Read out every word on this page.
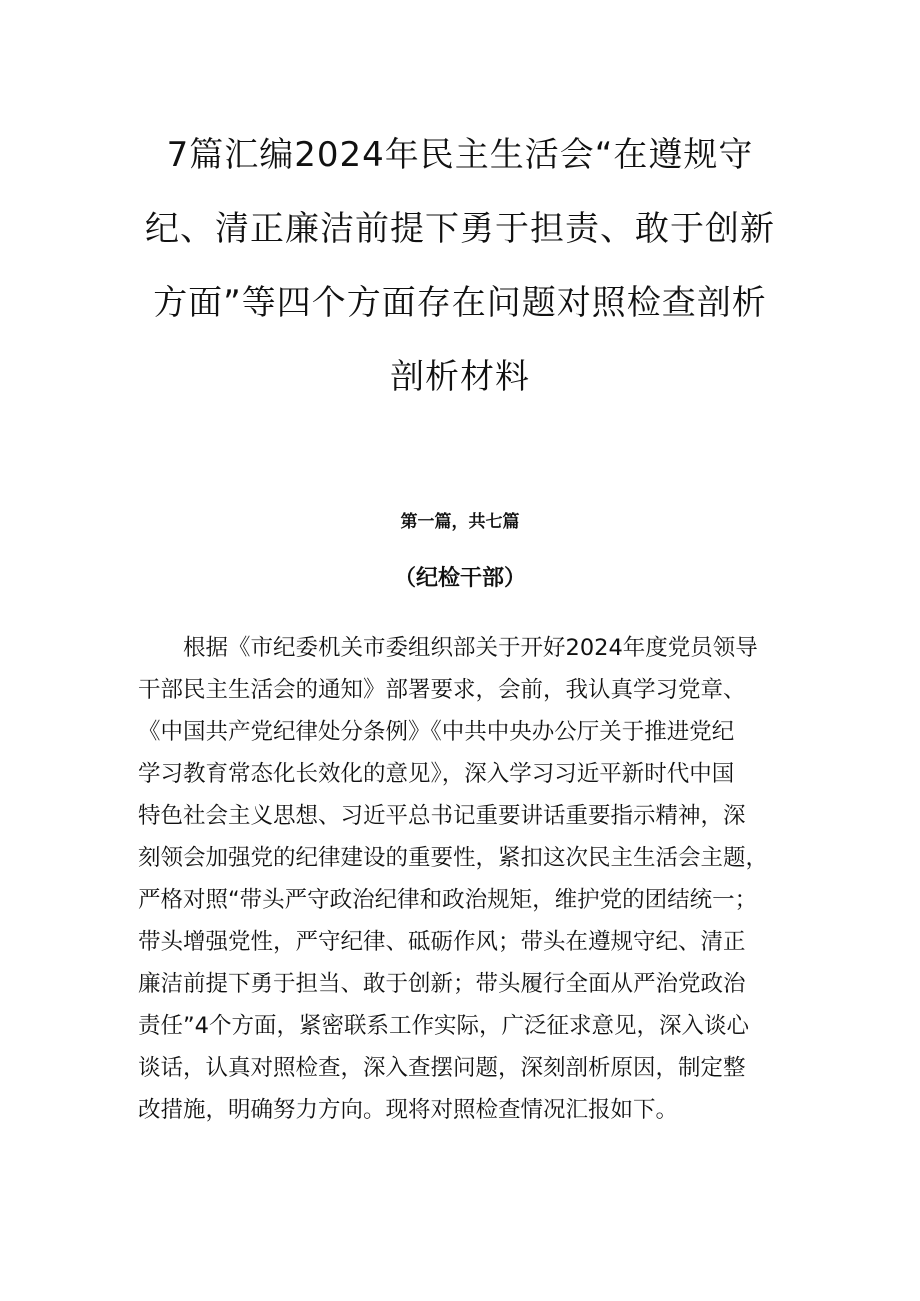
7篇汇编2024年民主生活会“在遵规守
纪、清正廉洁前提下勇于担责、敢于创新
方面”等四个方面存在问题对照检查剖析
剖析材料
第一篇，共七篇
（纪检干部）
根据《市纪委机关市委组织部关于开好2024年度党员领导
干部民主生活会的通知》部署要求，会前，我认真学习党章、
《中国共产党纪律处分条例》《中共中央办公厅关于推进党纪
学习教育常态化长效化的意见》，深入学习习近平新时代中国
特色社会主义思想、习近平总书记重要讲话重要指示精神，深
刻领会加强党的纪律建设的重要性，紧扣这次民主生活会主题，
严格对照“带头严守政治纪律和政治规矩，维护党的团结统一；
带头增强党性，严守纪律、砥砺作风；带头在遵规守纪、清正
廉洁前提下勇于担当、敢于创新；带头履行全面从严治党政治
责任”4个方面，紧密联系工作实际，广泛征求意见，深入谈心
谈话，认真对照检查，深入查摆问题，深刻剖析原因，制定整
改措施，明确努力方向。现将对照检查情况汇报如下。
